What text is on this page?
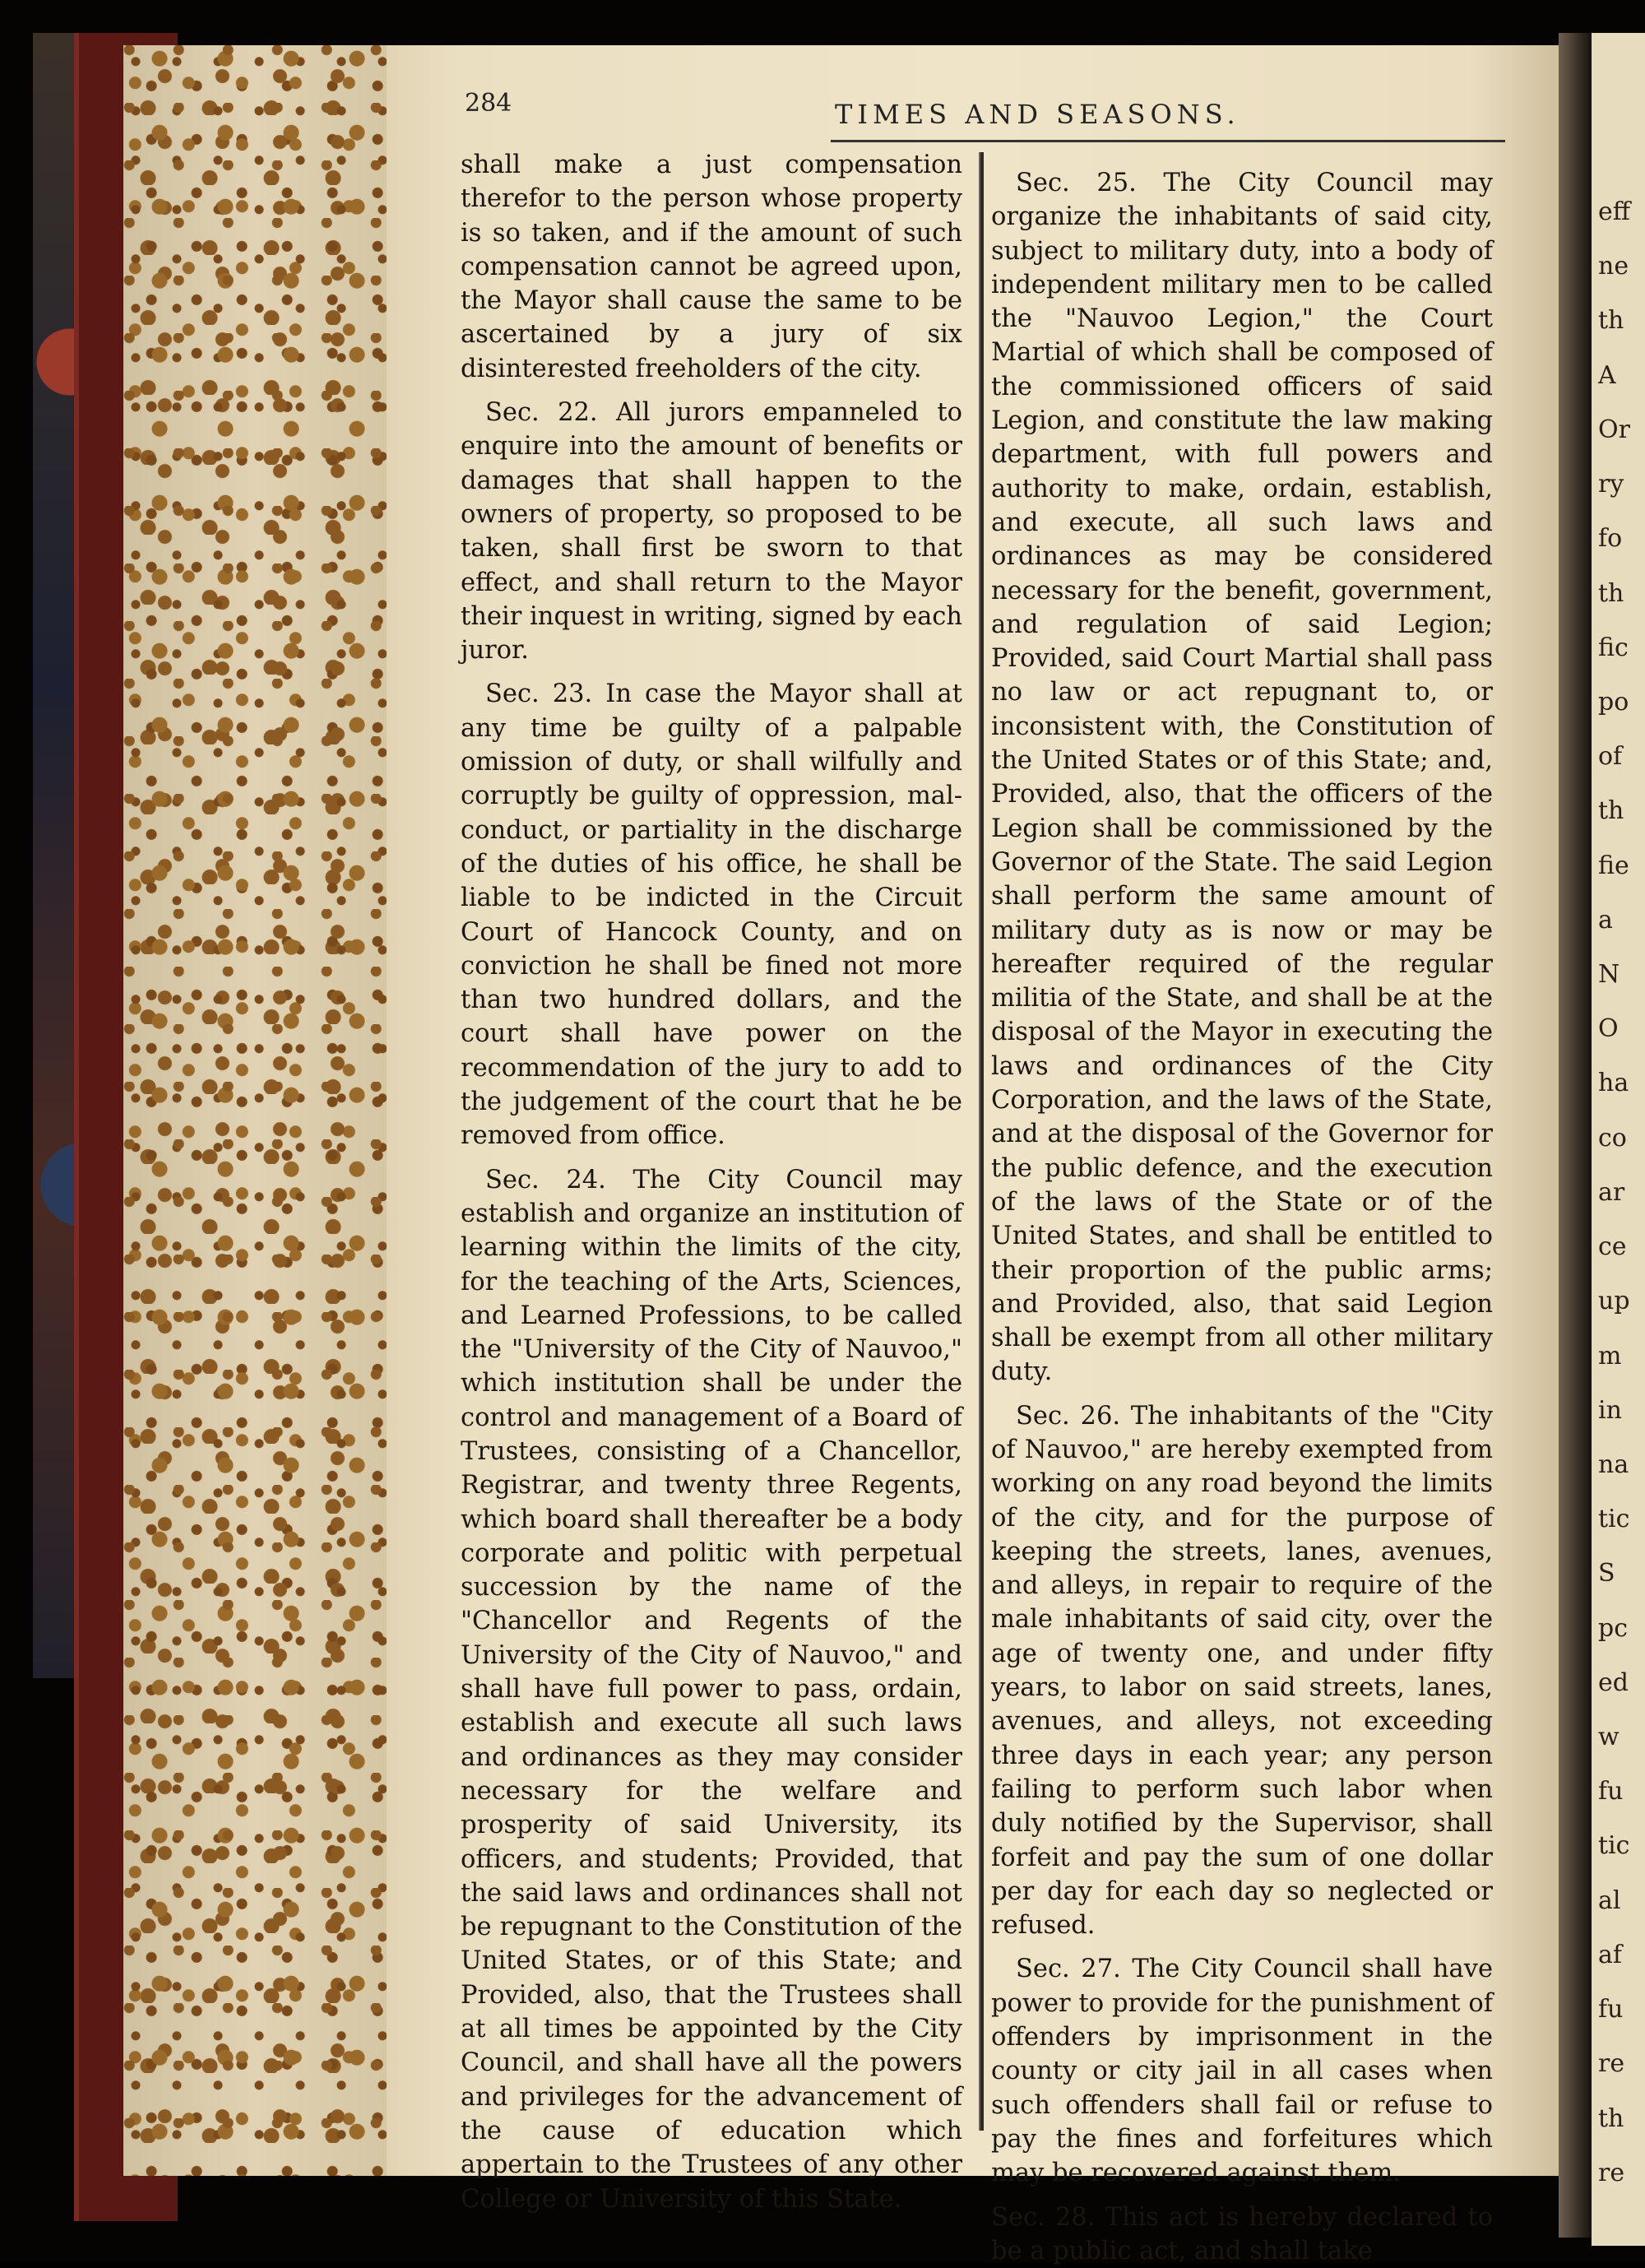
eff
ne
th
A
Or
ry
fo
th
fic
po
of
th
fie
a
N
O
ha
co
ar
ce
up
m
in
na
tic
S
pc
ed
w
fu
tic
al
af
fu
re
th
re
284	TIMES AND SEASONS.

shall make a just compensation therefor to the person whose property is so taken, and if the amount of such compensation cannot be agreed upon, the Mayor shall cause the same to be ascertained by a jury of six disinterested freeholders of the city.

Sec. 22. All jurors empanneled to enquire into the amount of benefits or damages that shall happen to the owners of property, so proposed to be taken, shall first be sworn to that effect, and shall return to the Mayor their inquest in writing, signed by each juror.

Sec. 23. In case the Mayor shall at any time be guilty of a palpable omission of duty, or shall wilfully and corruptly be guilty of oppression, mal-conduct, or partiality in the discharge of the duties of his office, he shall be liable to be indicted in the Circuit Court of Hancock County, and on conviction he shall be fined not more than two hundred dollars, and the court shall have power on the recommendation of the jury to add to the judgement of the court that he be removed from office.

Sec. 24. The City Council may establish and organize an institution of learning within the limits of the city, for the teaching of the Arts, Sciences, and Learned Professions, to be called the "University of the City of Nauvoo," which institution shall be under the control and management of a Board of Trustees, consisting of a Chancellor, Registrar, and twenty three Regents, which board shall thereafter be a body corporate and politic with perpetual succession by the name of the "Chancellor and Regents of the University of the City of Nauvoo," and shall have full power to pass, ordain, establish and execute all such laws and ordinances as they may consider necessary for the welfare and prosperity of said University, its officers, and students; Provided, that the said laws and ordinances shall not be repugnant to the Constitution of the United States, or of this State; and Provided, also, that the Trustees shall at all times be appointed by the City Council, and shall have all the powers and privileges for the advancement of the cause of education which appertain to the Trustees of any other College or University of this State.

Sec. 25. The City Council may organize the inhabitants of said city, subject to military duty, into a body of independent military men to be called the "Nauvoo Legion," the Court Martial of which shall be composed of the commissioned officers of said Legion, and constitute the law making department, with full powers and authority to make, ordain, establish, and execute, all such laws and ordinances as may be considered necessary for the benefit, government, and regulation of said Legion; Provided, said Court Martial shall pass no law or act repugnant to, or inconsistent with, the Constitution of the United States or of this State; and, Provided, also, that the officers of the Legion shall be commissioned by the Governor of the State. The said Legion shall perform the same amount of military duty as is now or may be hereafter required of the regular militia of the State, and shall be at the disposal of the Mayor in executing the laws and ordinances of the City Corporation, and the laws of the State, and at the disposal of the Governor for the public defence, and the execution of the laws of the State or of the United States, and shall be entitled to their proportion of the public arms; and Provided, also, that said Legion shall be exempt from all other military duty.

Sec. 26. The inhabitants of the "City of Nauvoo," are hereby exempted from working on any road beyond the limits of the city, and for the purpose of keeping the streets, lanes, avenues, and alleys, in repair to require of the male inhabitants of said city, over the age of twenty one, and under fifty years, to labor on said streets, lanes, avenues, and alleys, not exceeding three days in each year; any person failing to perform such labor when duly notified by the Supervisor, shall forfeit and pay the sum of one dollar per day for each day so neglected or refused.

Sec. 27. The City Council shall have power to provide for the punishment of offenders by imprisonment in the county or city jail in all cases when such offenders shall fail or refuse to pay the fines and forfeitures which may be recovered against them.

Sec. 28. This act is hereby declared to be a public act, and shall take
